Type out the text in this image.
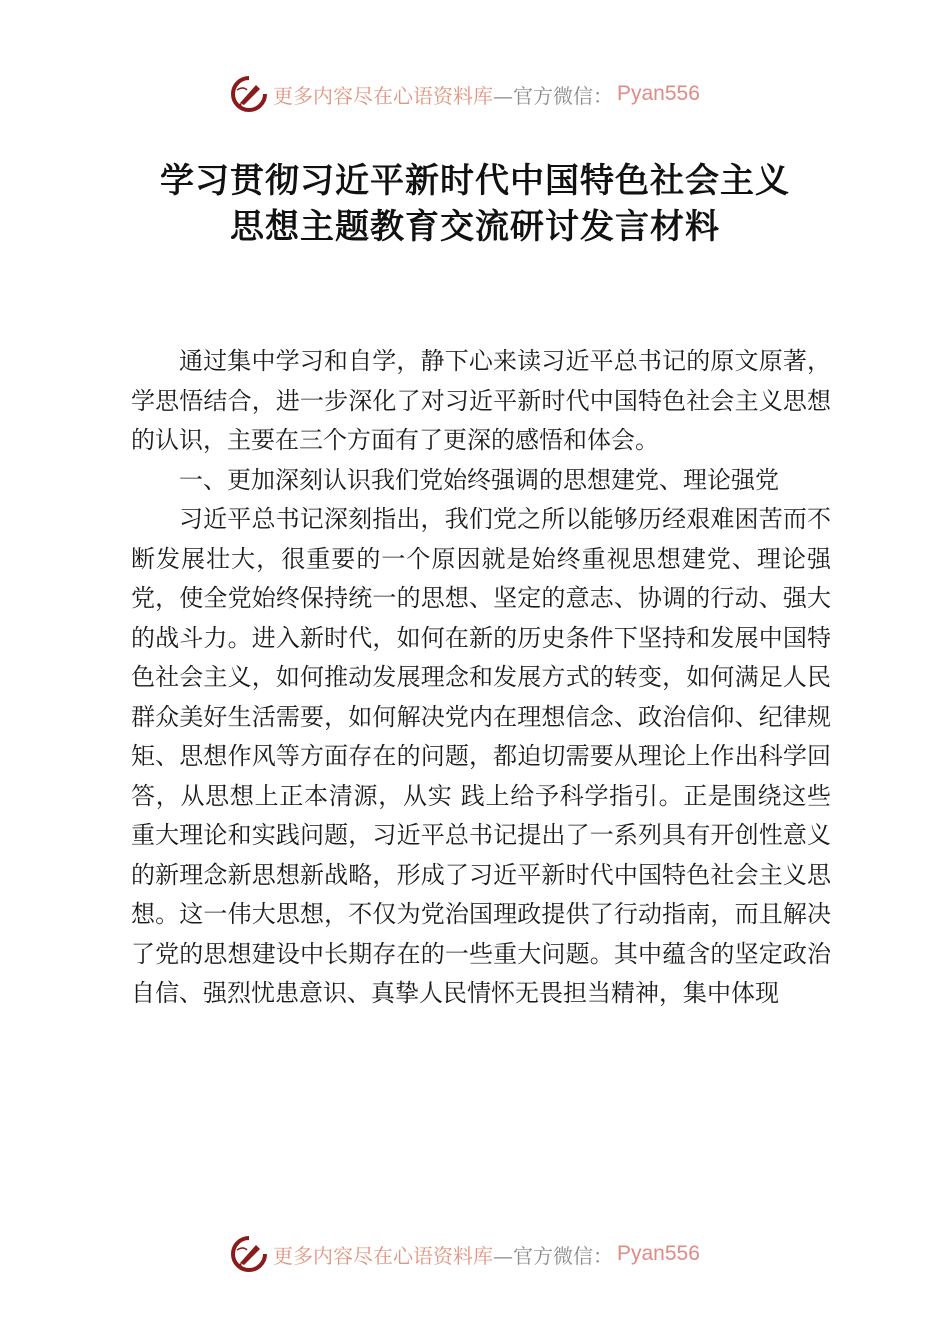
更多内容尽在心语资料库 —官方微信： Pyan556
学习贯彻习近平新时代中国特色社会主义
思想主题教育交流研讨发言材料

通过集中学习和自学，静下心来读习近平总书记的原文原著，学思悟结合，进一步深化了对习近平新时代中国特色社会主义思想的认识，主要在三个方面有了更深的感悟和体会。

一、更加深刻认识我们党始终强调的思想建党、理论强党

习近平总书记深刻指出，我们党之所以能够历经艰难困苦而不断发展壮大，很重要的一个原因就是始终重视思想建党、理论强党，使全党始终保持统一的思想、坚定的意志、协调的行动、强大的战斗力。进入新时代，如何在新的历史条件下坚持和发展中国特色社会主义，如何推动发展理念和发展方式的转变，如何满足人民群众美好生活需要，如何解决党内在理想信念、政治信仰、纪律规矩、思想作风等方面存在的问题，都迫切需要从理论上作出科学回答，从思想上正本清源，从实 践上给予科学指引。正是围绕这些重大理论和实践问题，习近平总书记提出了一系列具有开创性意义的新理念新思想新战略，形成了习近平新时代中国特色社会主义思想。这一伟大思想，不仅为党治国理政提供了行动指南，而且解决了党的思想建设中长期存在的一些重大问题。其中蕴含的坚定政治自信、强烈忧患意识、真挚人民情怀无畏担当精神，集中体现

更多内容尽在心语资料库 —官方微信： Pyan556
